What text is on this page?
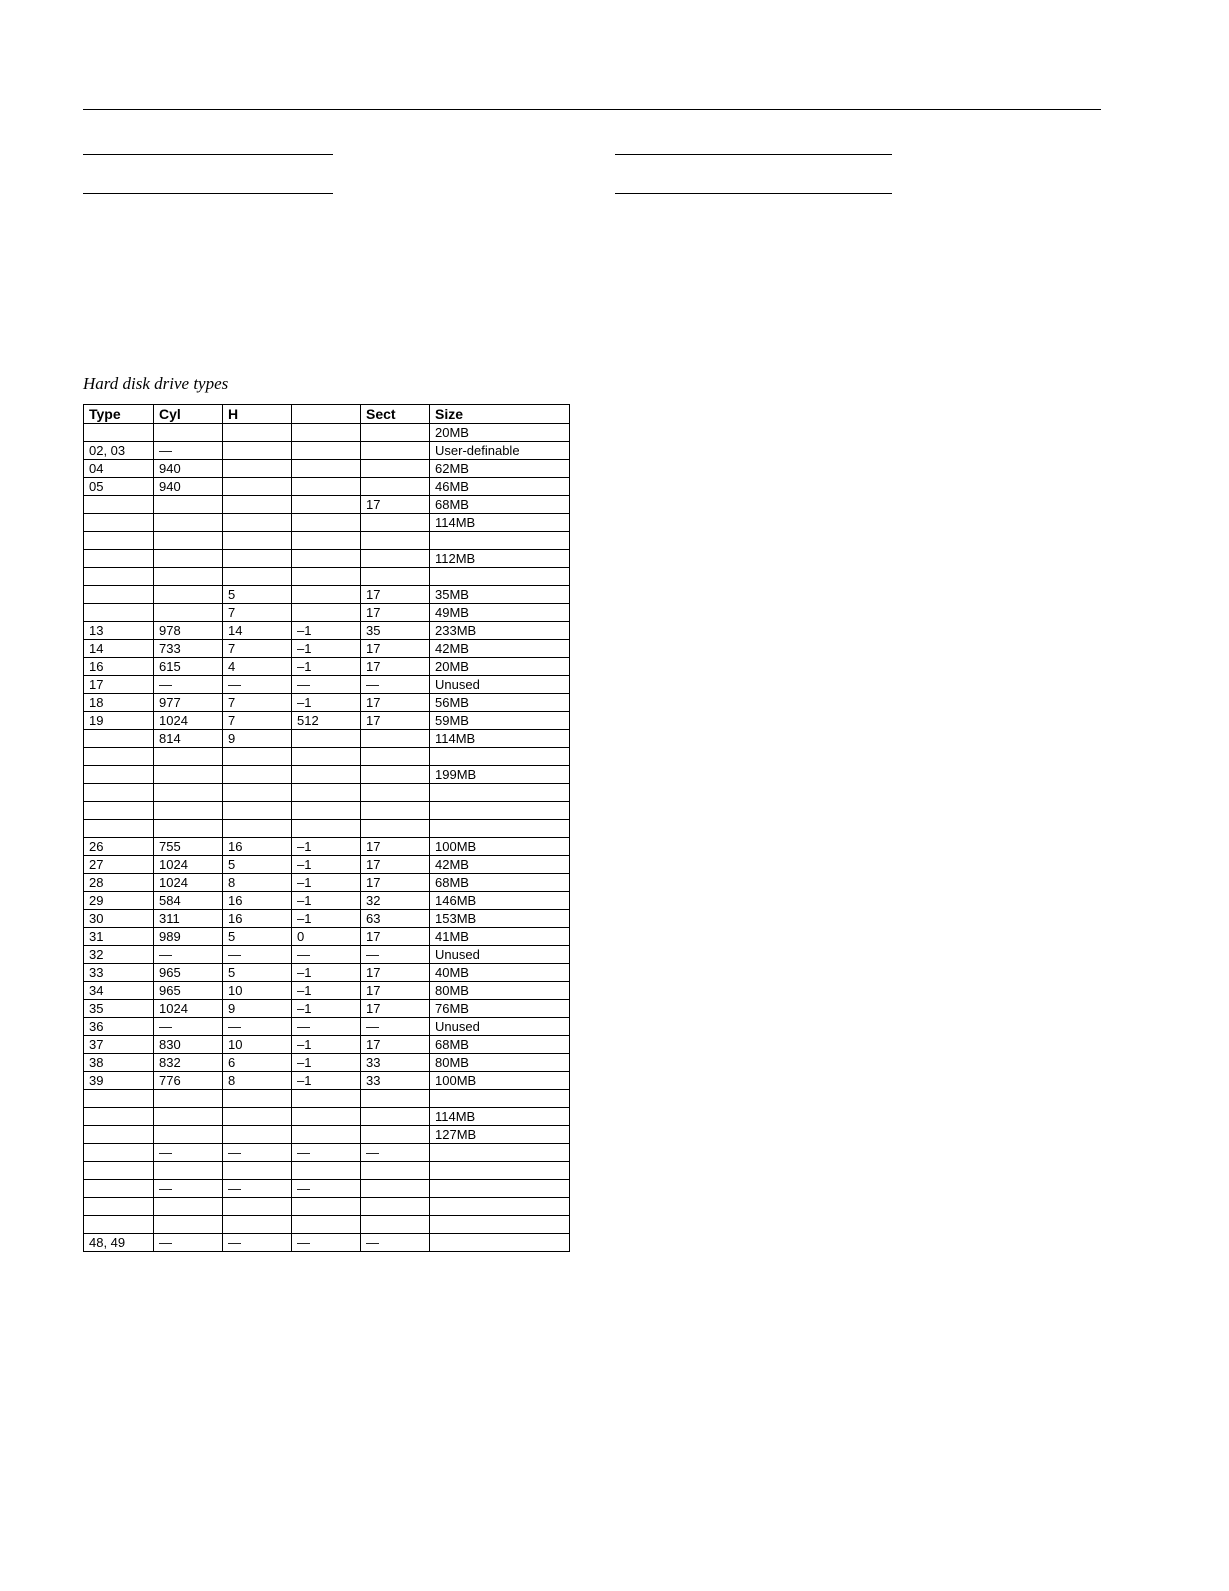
Hard disk drive types
Type	Cyl	H		Sect	Size
					20MB
02, 03	—				User-definable
04	940				62MB
05	940				46MB
				17	68MB
					114MB

					112MB

		5		17	35MB
		7		17	49MB
13	978	14	–1	35	233MB
14	733	7	–1	17	42MB
16	615	4	–1	17	20MB
17	—	—	—	—	Unused
18	977	7	–1	17	56MB
19	1024	7	512	17	59MB
	814	9			114MB

					199MB

26	755	16	–1	17	100MB
27	1024	5	–1	17	42MB
28	1024	8	–1	17	68MB
29	584	16	–1	32	146MB
30	311	16	–1	63	153MB
31	989	5	0	17	41MB
32	—	—	—	—	Unused
33	965	5	–1	17	40MB
34	965	10	–1	17	80MB
35	1024	9	–1	17	76MB
36	—	—	—	—	Unused
37	830	10	–1	17	68MB
38	832	6	–1	33	80MB
39	776	8	–1	33	100MB

					114MB
					127MB
	—	—	—	—	

	—	—	—		

48, 49	—	—	—	—	
